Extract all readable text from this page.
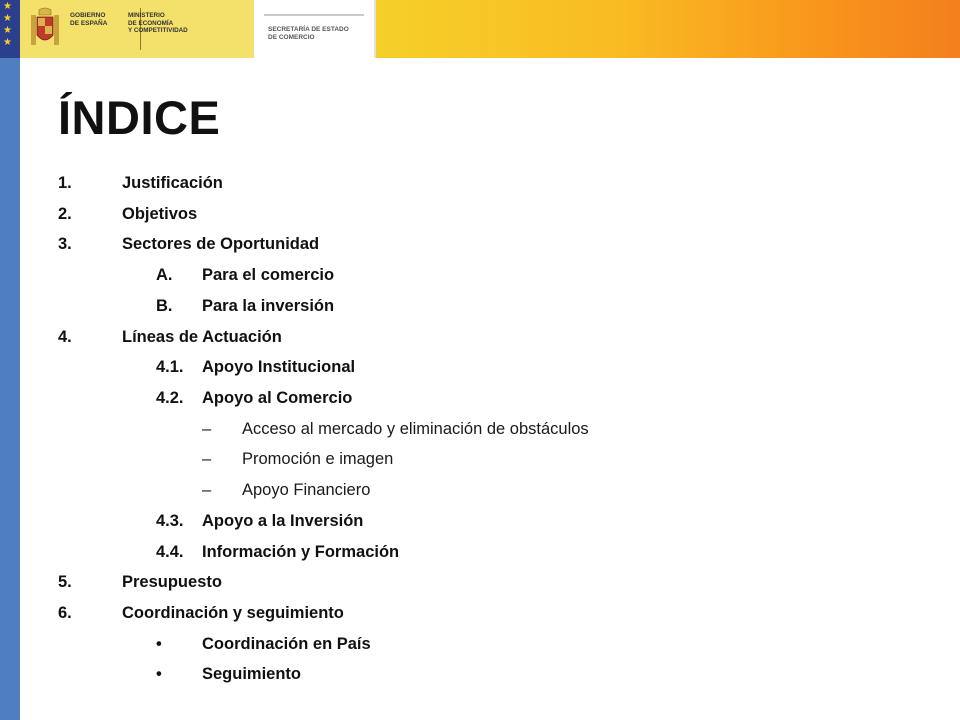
★
★
★
★
GOBIERNO
DE ESPAÑA
MINISTERIO
DE ECONOMÍA
Y COMPETITIVIDAD	SECRETARÍA DE ESTADO
DE COMERCIO
ÍNDICE
1.	Justificación
2.	Objetivos
3.	Sectores de Oportunidad
A. Para el comercio
B. Para la inversión
4.	Líneas de Actuación
4.1. Apoyo Institucional
4.2. Apoyo al Comercio
– Acceso al mercado y eliminación de obstáculos
– Promoción e imagen
– Apoyo Financiero
4.3. Apoyo a la Inversión
4.4. Información y Formación
5.	Presupuesto
6.	Coordinación y seguimiento
• Coordinación en País
• Seguimiento
